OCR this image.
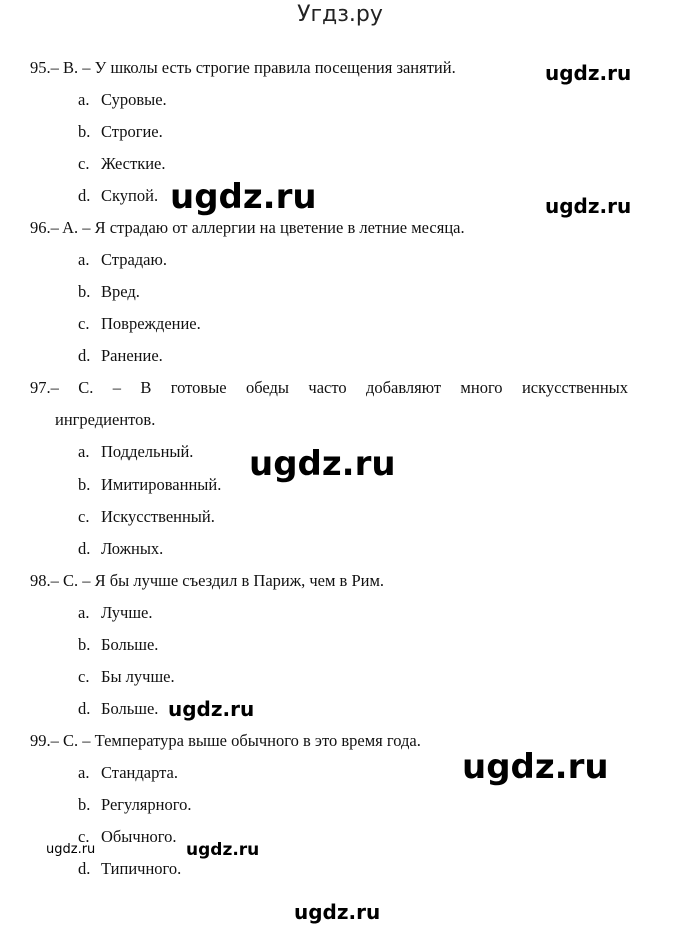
Угдз.ру
95.– B. – У школы есть строгие правила посещения занятий.
a. Суровые.
b. Строгие.
c. Жесткие.
d. Скупой.
96.– A. – Я страдаю от аллергии на цветение в летние месяца.
a. Страдаю.
b. Вред.
c. Повреждение.
d. Ранение.
97.– C. – В готовые обеды часто добавляют много искусственных
ингредиентов.
a. Поддельный.
b. Имитированный.
c. Искусственный.
d. Ложных.
98.– C. – Я бы лучше съездил в Париж, чем в Рим.
a. Лучше.
b. Больше.
c. Бы лучше.
d. Больше.
99.– C. – Температура выше обычного в это время года.
a. Стандарта.
b. Регулярного.
c. Обычного.
d. Типичного.
ugdz.ru
ugdz.ru	ugdz.ru
ugdz.ru
ugdz.ru
ugdz.ru
ugdz.ru	ugdz.ru
ugdz.ru
